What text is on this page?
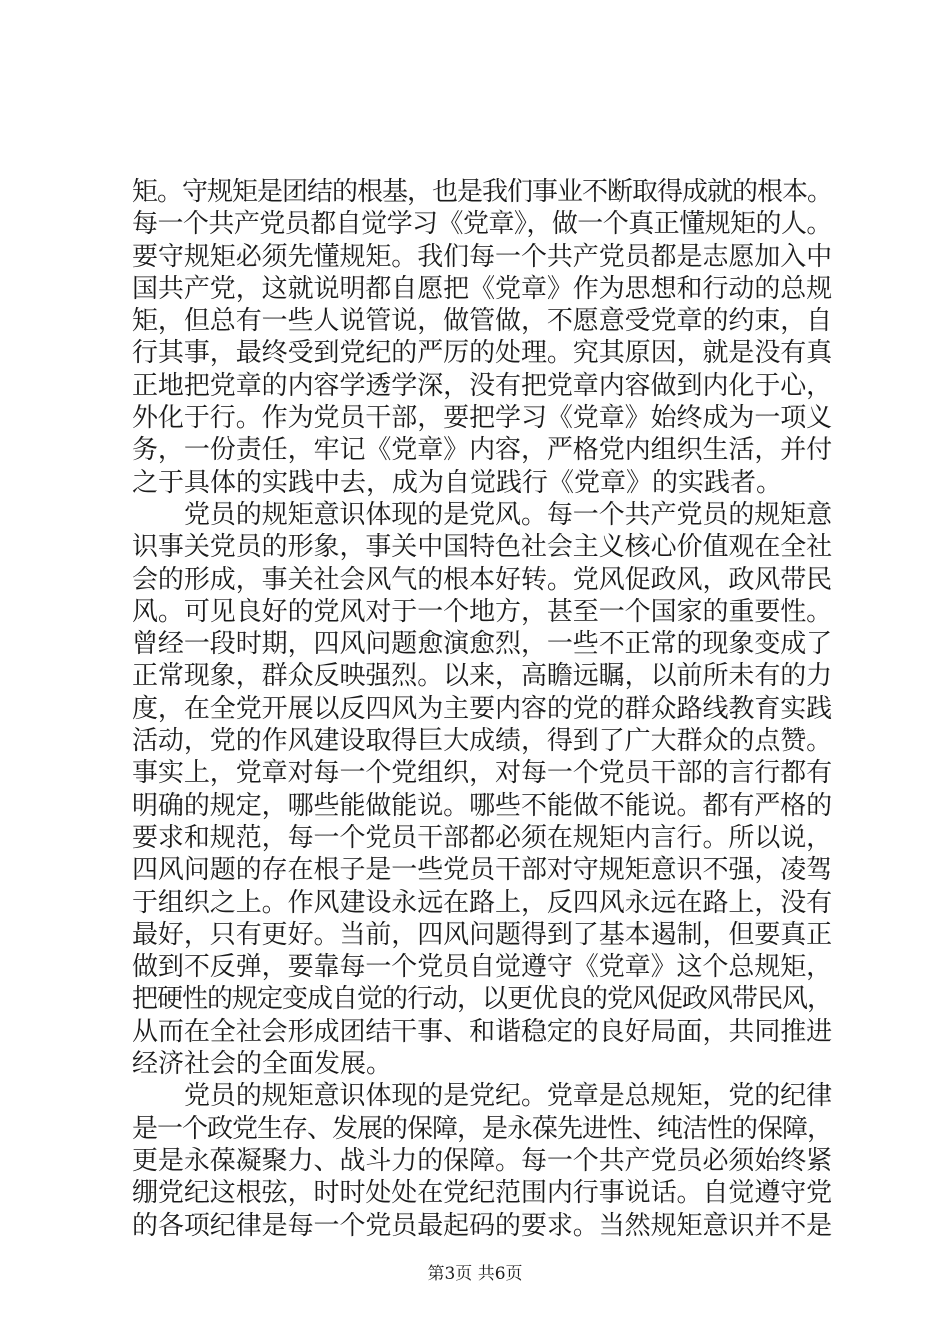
矩。守规矩是团结的根基，也是我们事业不断取得成就的根本。
每一个共产党员都自觉学习《党章》，做一个真正懂规矩的人。
要守规矩必须先懂规矩。我们每一个共产党员都是志愿加入中
国共产党，这就说明都自愿把《党章》作为思想和行动的总规
矩，但总有一些人说管说，做管做，不愿意受党章的约束，自
行其事，最终受到党纪的严厉的处理。究其原因，就是没有真
正地把党章的内容学透学深，没有把党章内容做到内化于心，
外化于行。作为党员干部，要把学习《党章》始终成为一项义
务，一份责任，牢记《党章》内容，严格党内组织生活，并付
之于具体的实践中去，成为自觉践行《党章》的实践者。
党员的规矩意识体现的是党风。每一个共产党员的规矩意
识事关党员的形象，事关中国特色社会主义核心价值观在全社
会的形成，事关社会风气的根本好转。党风促政风，政风带民
风。可见良好的党风对于一个地方，甚至一个国家的重要性。
曾经一段时期，四风问题愈演愈烈，一些不正常的现象变成了
正常现象，群众反映强烈。以来，高瞻远瞩，以前所未有的力
度，在全党开展以反四风为主要内容的党的群众路线教育实践
活动，党的作风建设取得巨大成绩，得到了广大群众的点赞。
事实上，党章对每一个党组织，对每一个党员干部的言行都有
明确的规定，哪些能做能说。哪些不能做不能说。都有严格的
要求和规范，每一个党员干部都必须在规矩内言行。所以说，
四风问题的存在根子是一些党员干部对守规矩意识不强，凌驾
于组织之上。作风建设永远在路上，反四风永远在路上，没有
最好，只有更好。当前，四风问题得到了基本遏制，但要真正
做到不反弹，要靠每一个党员自觉遵守《党章》这个总规矩，
把硬性的规定变成自觉的行动，以更优良的党风促政风带民风，
从而在全社会形成团结干事、和谐稳定的良好局面，共同推进
经济社会的全面发展。
党员的规矩意识体现的是党纪。党章是总规矩，党的纪律
是一个政党生存、发展的保障，是永葆先进性、纯洁性的保障，
更是永葆凝聚力、战斗力的保障。每一个共产党员必须始终紧
绷党纪这根弦，时时处处在党纪范围内行事说话。自觉遵守党
的各项纪律是每一个党员最起码的要求。当然规矩意识并不是
第3页 共6页
